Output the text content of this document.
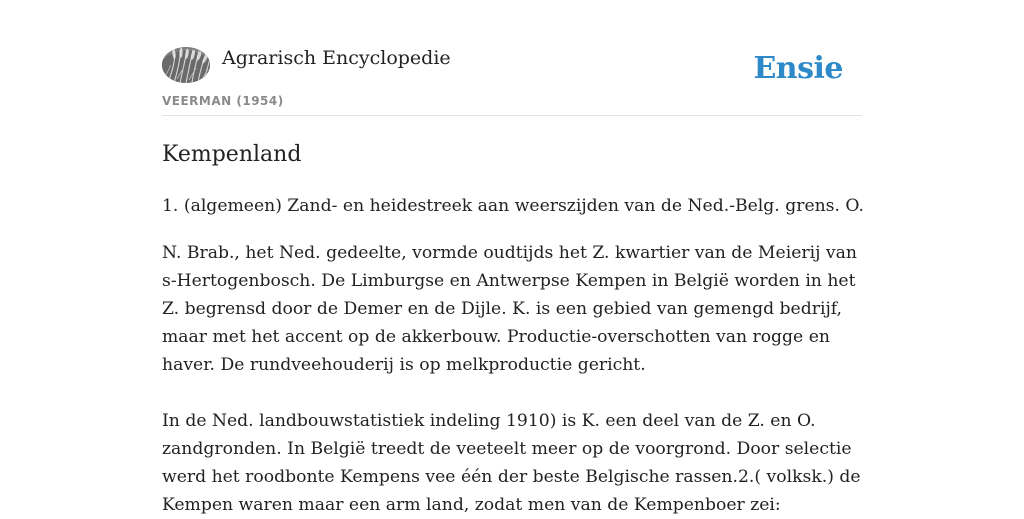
Agrarisch Encyclopedie	Ensie
VEERMAN (1954)
Kempenland

1. (algemeen) Zand- en heidestreek aan weerszijden van de Ned.-Belg. grens. O.

N. Brab., het Ned. gedeelte, vormde oudtijds het Z. kwartier van de Meierij van s-Hertogenbosch. De Limburgse en Antwerpse Kempen in België worden in het Z. begrensd door de Demer en de Dijle. K. is een gebied van gemengd bedrijf, maar met het accent op de akkerbouw. Productie-overschotten van rogge en haver. De rundveehouderij is op melkproductie gericht.

In de Ned. landbouwstatistiek indeling 1910) is K. een deel van de Z. en O. zandgronden. In België treedt de veeteelt meer op de voorgrond. Door selectie werd het roodbonte Kempens vee één der beste Belgische rassen.2.( volksk.) de Kempen waren maar een arm land, zodat men van de Kempenboer zei:
